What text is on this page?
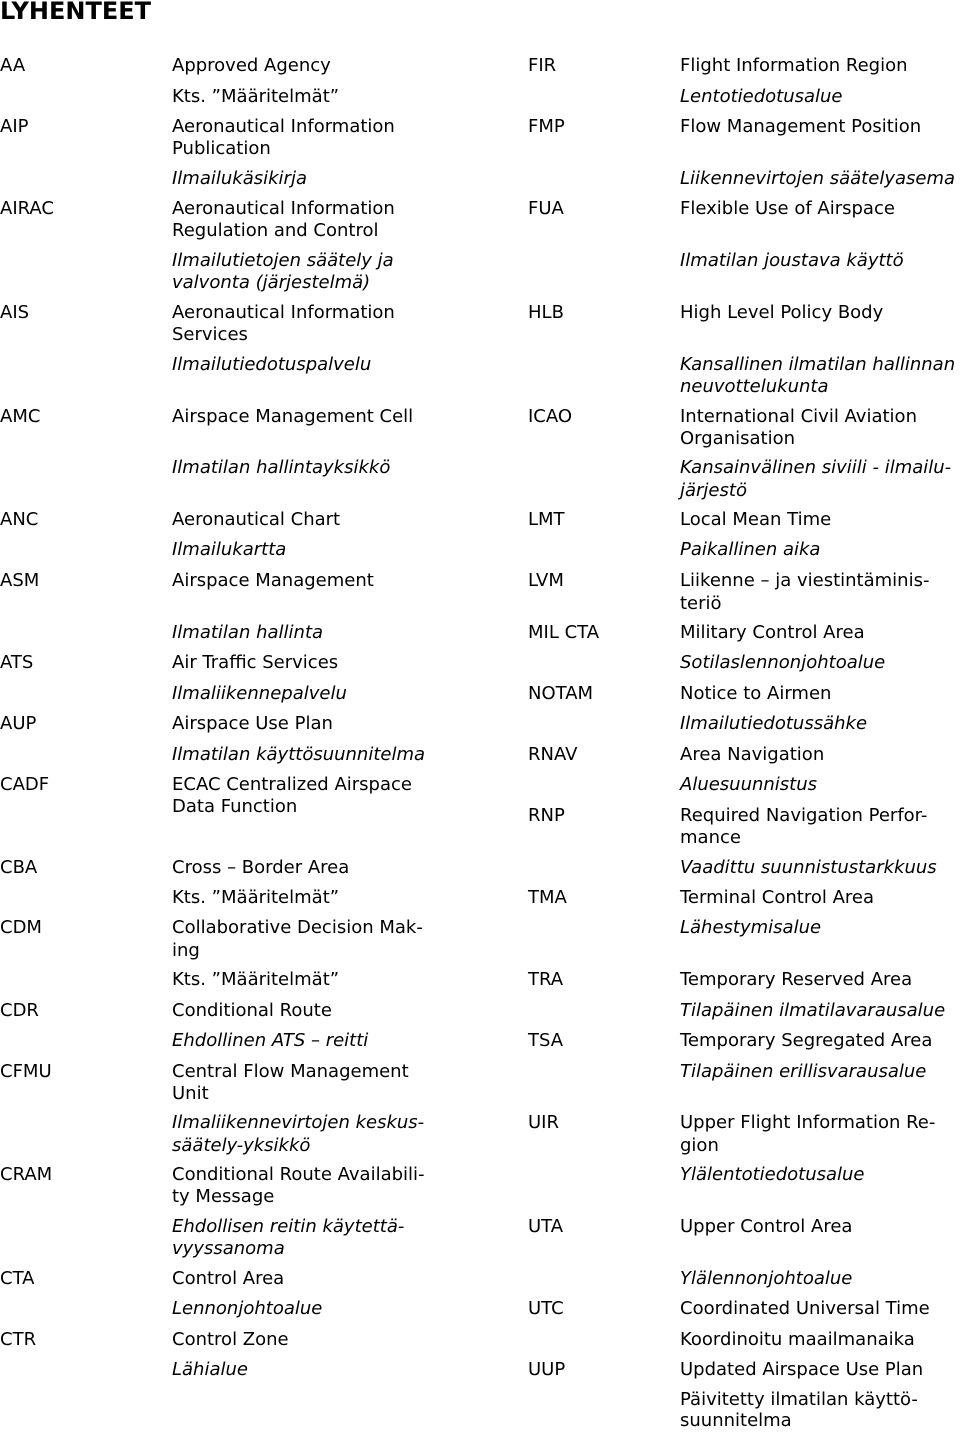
LYHENTEET
AA	Approved Agency
Kts. ”Määritelmät”
AIP	Aeronautical Information
Publication
Ilmailukäsikirja
AIRAC	Aeronautical Information
Regulation and Control
Ilmailutietojen säätely ja
valvonta (järjestelmä)
AIS	Aeronautical Information
Services
Ilmailutiedotuspalvelu
AMC	Airspace Management Cell
Ilmatilan hallintayksikkö
ANC	Aeronautical Chart
Ilmailukartta
ASM	Airspace Management
Ilmatilan hallinta
ATS	Air Traffic Services
Ilmaliikennepalvelu
AUP	Airspace Use Plan
Ilmatilan käyttösuunnitelma
CADF	ECAC Centralized Airspace
Data Function
CBA	Cross – Border Area
Kts. ”Määritelmät”
CDM	Collaborative Decision Mak-
ing
Kts. ”Määritelmät”
CDR	Conditional Route
Ehdollinen ATS – reitti
CFMU	Central Flow Management
Unit
Ilmaliikennevirtojen keskus-
säätely-yksikkö
CRAM	Conditional Route Availabili-
ty Message
Ehdollisen reitin käytettä-
vyyssanoma
CTA	Control Area
Lennonjohtoalue
CTR	Control Zone
Lähialue
FIR	Flight Information Region
Lentotiedotusalue
FMP	Flow Management Position
Liikennevirtojen säätelyasema
FUA	Flexible Use of Airspace
Ilmatilan joustava käyttö
HLB	High Level Policy Body
Kansallinen ilmatilan hallinnan
neuvottelukunta
ICAO	International Civil Aviation
Organisation
Kansainvälinen siviili - ilmailu-
järjestö
LMT	Local Mean Time
Paikallinen aika
LVM	Liikenne – ja viestintäminis-
teriö
MIL CTA	Military Control Area
Sotilaslennonjohtoalue
NOTAM	Notice to Airmen
Ilmailutiedotussähke
RNAV	Area Navigation
Aluesuunnistus
RNP	Required Navigation Perfor-
mance
Vaadittu suunnistustarkkuus
TMA	Terminal Control Area
Lähestymisalue
TRA	Temporary Reserved Area
Tilapäinen ilmatilavarausalue
TSA	Temporary Segregated Area
Tilapäinen erillisvarausalue
UIR	Upper Flight Information Re-
gion
Ylälentotiedotusalue
UTA	Upper Control Area
Ylälennonjohtoalue
UTC	Coordinated Universal Time
Koordinoitu maailmanaika
UUP	Updated Airspace Use Plan
Päivitetty ilmatilan käyttö-
suunnitelma
